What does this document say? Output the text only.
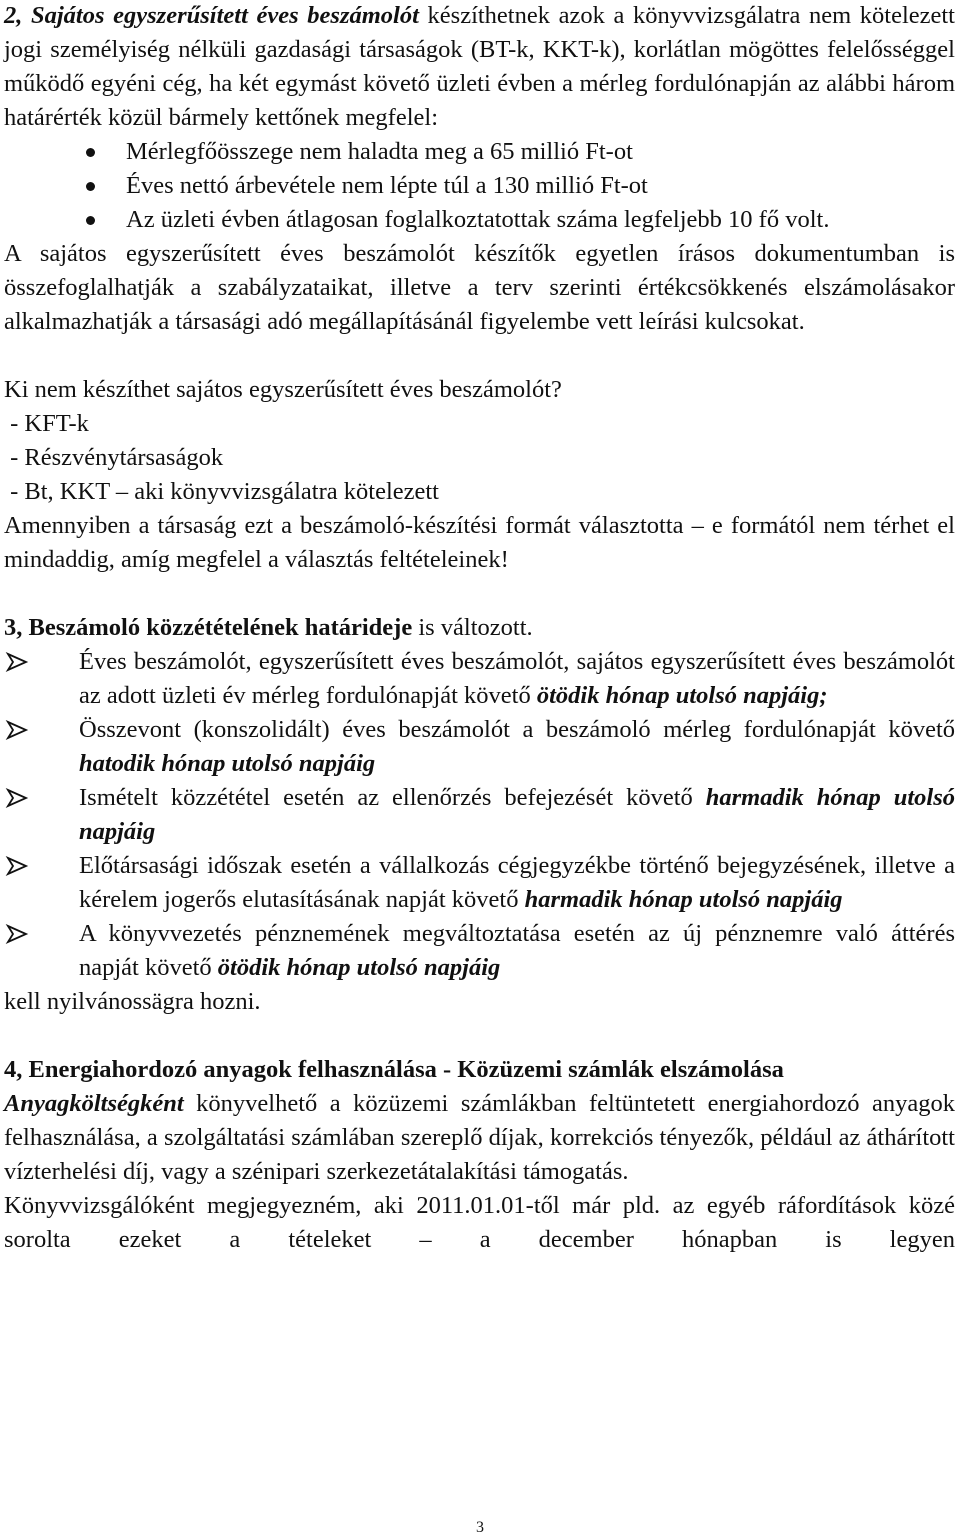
2, Sajátos egyszerűsített éves beszámolót készíthetnek azok a könyvvizsgálatra nem kötelezett jogi személyiség nélküli gazdasági társaságok (BT-k, KKT-k), korlátlan mögöttes felelősséggel működő egyéni cég, ha két egymást követő üzleti évben a mérleg fordulónapján az alábbi három határérték közül bármely kettőnek megfelel:

Mérlegfőösszege nem haladta meg a 65 millió Ft-ot
Éves nettó árbevétele nem lépte túl a 130 millió Ft-ot
Az üzleti évben átlagosan foglalkoztatottak száma legfeljebb 10 fő volt.

A sajátos egyszerűsített éves beszámolót készítők egyetlen írásos dokumentumban is összefoglalhatják a szabályzataikat, illetve a terv szerinti értékcsökkenés elszámolásakor alkalmazhatják a társasági adó megállapításánál figyelembe vett leírási kulcsokat.

Ki nem készíthet sajátos egyszerűsített éves beszámolót?

- KFT-k

- Részvénytársaságok

- Bt, KKT – aki könyvvizsgálatra kötelezett

Amennyiben a társaság ezt a beszámoló-készítési formát választotta – e formától nem térhet el mindaddig, amíg megfelel a választás feltételeinek!

3, Beszámoló közzétételének határideje is változott.

Éves beszámolót, egyszerűsített éves beszámolót, sajátos egyszerűsített éves beszámolót az adott üzleti év mérleg fordulónapját követő ötödik hónap utolsó napjáig;
Összevont (konszolidált) éves beszámolót a beszámoló mérleg fordulónapját követő hatodik hónap utolsó napjáig
Ismételt közzététel esetén az ellenőrzés befejezését követő harmadik hónap utolsó napjáig
Előtársasági időszak esetén a vállalkozás cégjegyzékbe történő bejegyzésének, illetve a kérelem jogerős elutasításának napját követő harmadik hónap utolsó napjáig
A könyvvezetés pénznemének megváltoztatása esetén az új pénznemre való áttérés napját követő ötödik hónap utolsó napjáig

kell nyilvánossägra hozni.

4, Energiahordozó anyagok felhasználása - Közüzemi számlák elszámolása

Anyagköltségként könyvelhető a közüzemi számlákban feltüntetett energiahordozó anyagok felhasználása, a szolgáltatási számlában szereplő díjak, korrekciós tényezők, például az áthárított vízterhelési díj, vagy a szénipari szerkezetátalakítási támogatás.

Könyvvizsgálóként megjegyezném, aki 2011.01.01-től már pld. az egyéb ráfordítások közé sorolta ezeket a tételeket – a december hónapban is legyen

3
